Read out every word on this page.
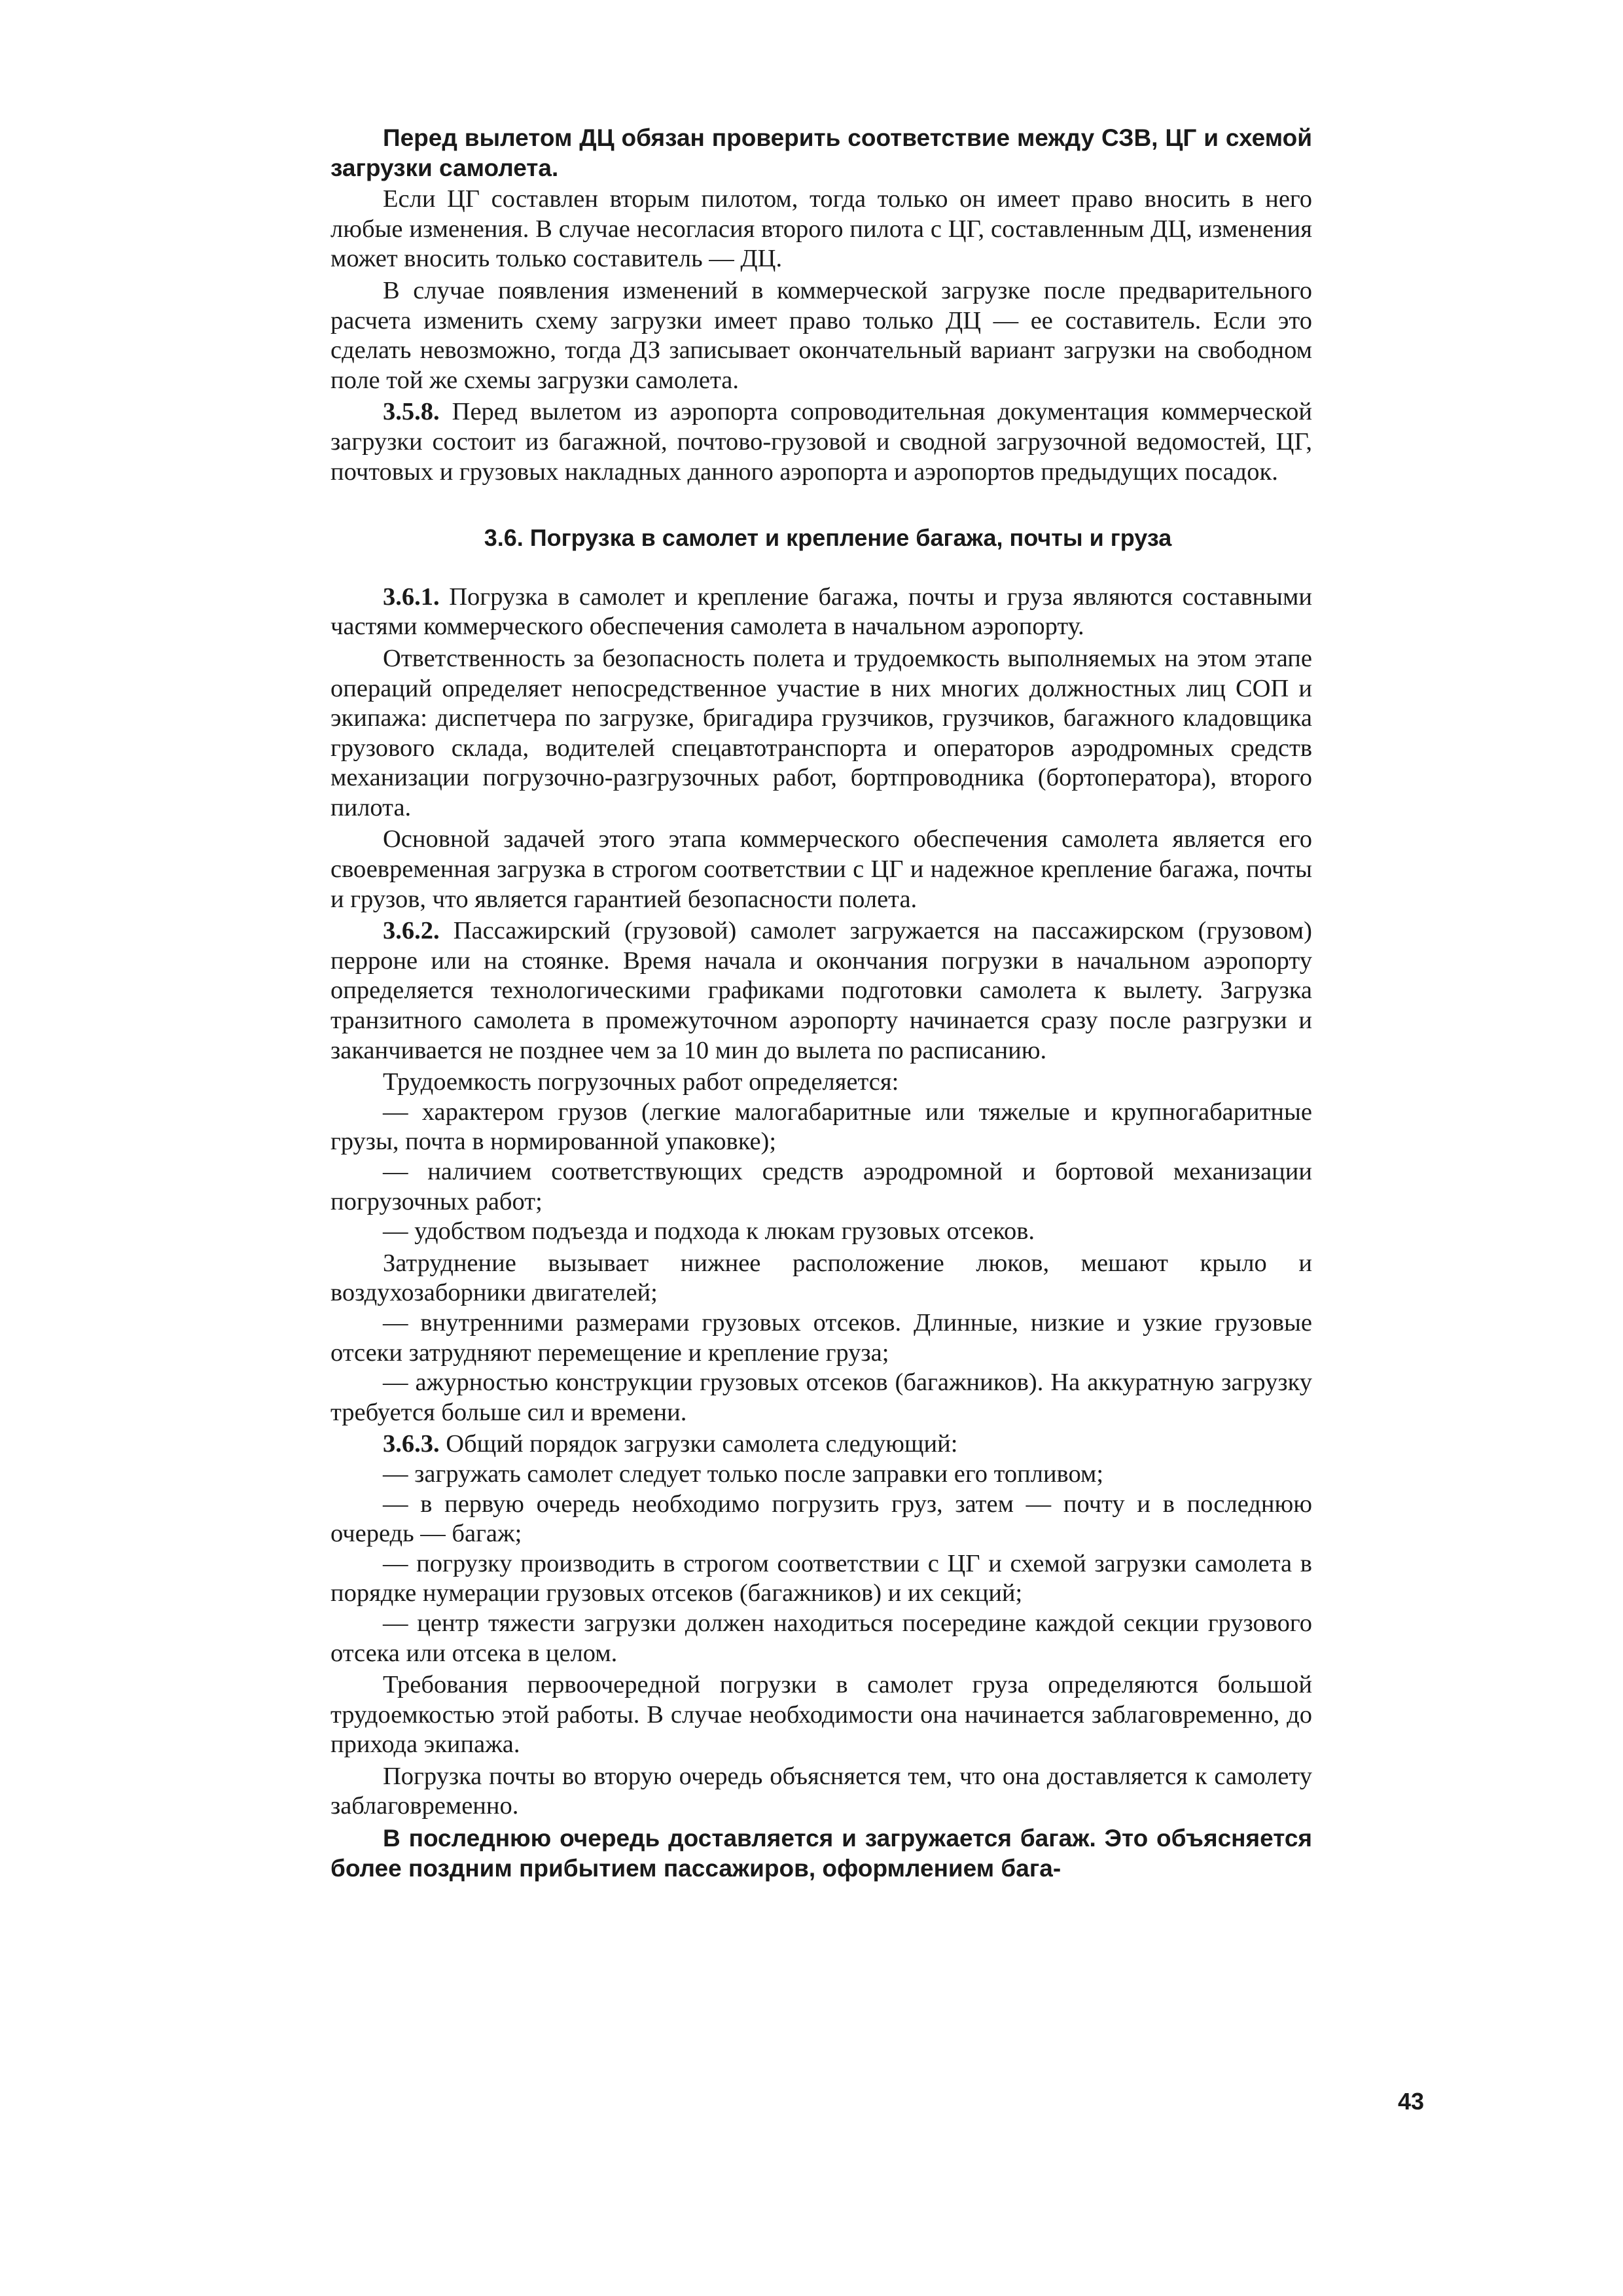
Перед вылетом ДЦ обязан проверить соответствие между СЗВ, ЦГ и схемой загрузки самолета.

Если ЦГ составлен вторым пилотом, тогда только он имеет право вносить в него любые изменения. В случае несогласия второго пилота с ЦГ, составленным ДЦ, изменения может вносить только составитель — ДЦ.

В случае появления изменений в коммерческой загрузке после предварительного расчета изменить схему загрузки имеет право только ДЦ — ее составитель. Если это сделать невозможно, тогда ДЗ записывает окончательный вариант загрузки на свободном поле той же схемы загрузки самолета.

3.5.8. Перед вылетом из аэропорта сопроводительная документация коммерческой загрузки состоит из багажной, почтово-грузовой и сводной загрузочной ведомостей, ЦГ, почтовых и грузовых накладных данного аэропорта и аэропортов предыдущих посадок.

3.6. Погрузка в самолет и крепление багажа, почты и груза

3.6.1. Погрузка в самолет и крепление багажа, почты и груза являются составными частями коммерческого обеспечения самолета в начальном аэропорту.

Ответственность за безопасность полета и трудоемкость выполняемых на этом этапе операций определяет непосредственное участие в них многих должностных лиц СОП и экипажа: диспетчера по загрузке, бригадира грузчиков, грузчиков, багажного кладовщика грузового склада, водителей спецавтотранспорта и операторов аэродромных средств механизации погрузочно-разгрузочных работ, бортпроводника (бортоператора), второго пилота.

Основной задачей этого этапа коммерческого обеспечения самолета является его своевременная загрузка в строгом соответствии с ЦГ и надежное крепление багажа, почты и грузов, что является гарантией безопасности полета.

3.6.2. Пассажирский (грузовой) самолет загружается на пассажирском (грузовом) перроне или на стоянке. Время начала и окончания погрузки в начальном аэропорту определяется технологическими графиками подготовки самолета к вылету. Загрузка транзитного самолета в промежуточном аэропорту начинается сразу после разгрузки и заканчивается не позднее чем за 10 мин до вылета по расписанию.

Трудоемкость погрузочных работ определяется:

— характером грузов (легкие малогабаритные или тяжелые и крупногабаритные грузы, почта в нормированной упаковке);

— наличием соответствующих средств аэродромной и бортовой механизации погрузочных работ;

— удобством подъезда и подхода к люкам грузовых отсеков.

Затруднение вызывает нижнее расположение люков, мешают крыло и воздухозаборники двигателей;

— внутренними размерами грузовых отсеков. Длинные, низкие и узкие грузовые отсеки затрудняют перемещение и крепление груза;

— ажурностью конструкции грузовых отсеков (багажников). На аккуратную загрузку требуется больше сил и времени.

3.6.3. Общий порядок загрузки самолета следующий:

— загружать самолет следует только после заправки его топливом;

— в первую очередь необходимо погрузить груз, затем — почту и в последнюю очередь — багаж;

— погрузку производить в строгом соответствии с ЦГ и схемой загрузки самолета в порядке нумерации грузовых отсеков (багажников) и их секций;

— центр тяжести загрузки должен находиться посередине каждой секции грузового отсека или отсека в целом.

Требования первоочередной погрузки в самолет груза определяются большой трудоемкостью этой работы. В случае необходимости она начинается заблаговременно, до прихода экипажа.

Погрузка почты во вторую очередь объясняется тем, что она доставляется к самолету заблаговременно.

В последнюю очередь доставляется и загружается багаж. Это объясняется более поздним прибытием пассажиров, оформлением бага-

43
